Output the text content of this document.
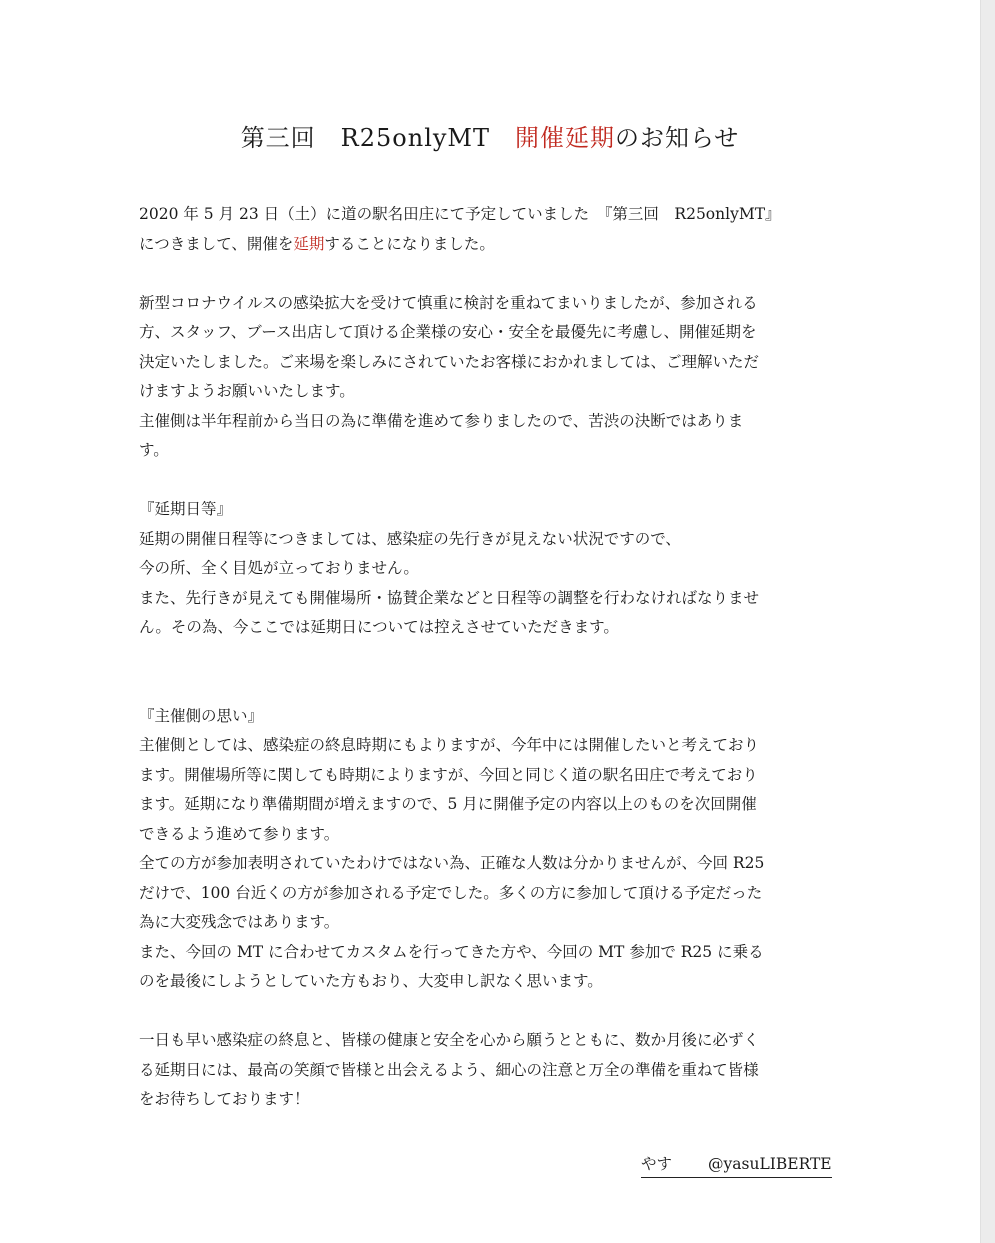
第三回　R25onlyMT　開催延期のお知らせ
2020 年 5 月 23 日（土）に道の駅名田庄にて予定していました　『第三回　R25onlyMT』
につきまして、開催を延期することになりました。
新型コロナウイルスの感染拡大を受けて慎重に検討を重ねてまいりましたが、参加される
方、スタッフ、ブース出店して頂ける企業様の安心・安全を最優先に考慮し、開催延期を
決定いたしました。ご来場を楽しみにされていたお客様におかれましては、ご理解いただ
けますようお願いいたします。
主催側は半年程前から当日の為に準備を進めて参りましたので、苦渋の決断ではありま
す。
『延期日等』
延期の開催日程等につきましては、感染症の先行きが見えない状況ですので、
今の所、全く目処が立っておりません。
また、先行きが見えても開催場所・協賛企業などと日程等の調整を行わなければなりませ
ん。その為、今ここでは延期日については控えさせていただきます。
『主催側の思い』
主催側としては、感染症の終息時期にもよりますが、今年中には開催したいと考えており
ます。開催場所等に関しても時期によりますが、今回と同じく道の駅名田庄で考えており
ます。延期になり準備期間が増えますので、5 月に開催予定の内容以上のものを次回開催
できるよう進めて参ります。
全ての方が参加表明されていたわけではない為、正確な人数は分かりませんが、今回 R25
だけで、100 台近くの方が参加される予定でした。多くの方に参加して頂ける予定だった
為に大変残念ではあります。
また、今回の MT に合わせてカスタムを行ってきた方や、今回の MT 参加で R25 に乗る
のを最後にしようとしていた方もおり、大変申し訳なく思います。
一日も早い感染症の終息と、皆様の健康と安全を心から願うとともに、数か月後に必ずく
る延期日には、最高の笑顔で皆様と出会えるよう、細心の注意と万全の準備を重ねて皆様
をお待ちしております！
やす @yasuLIBERTE
